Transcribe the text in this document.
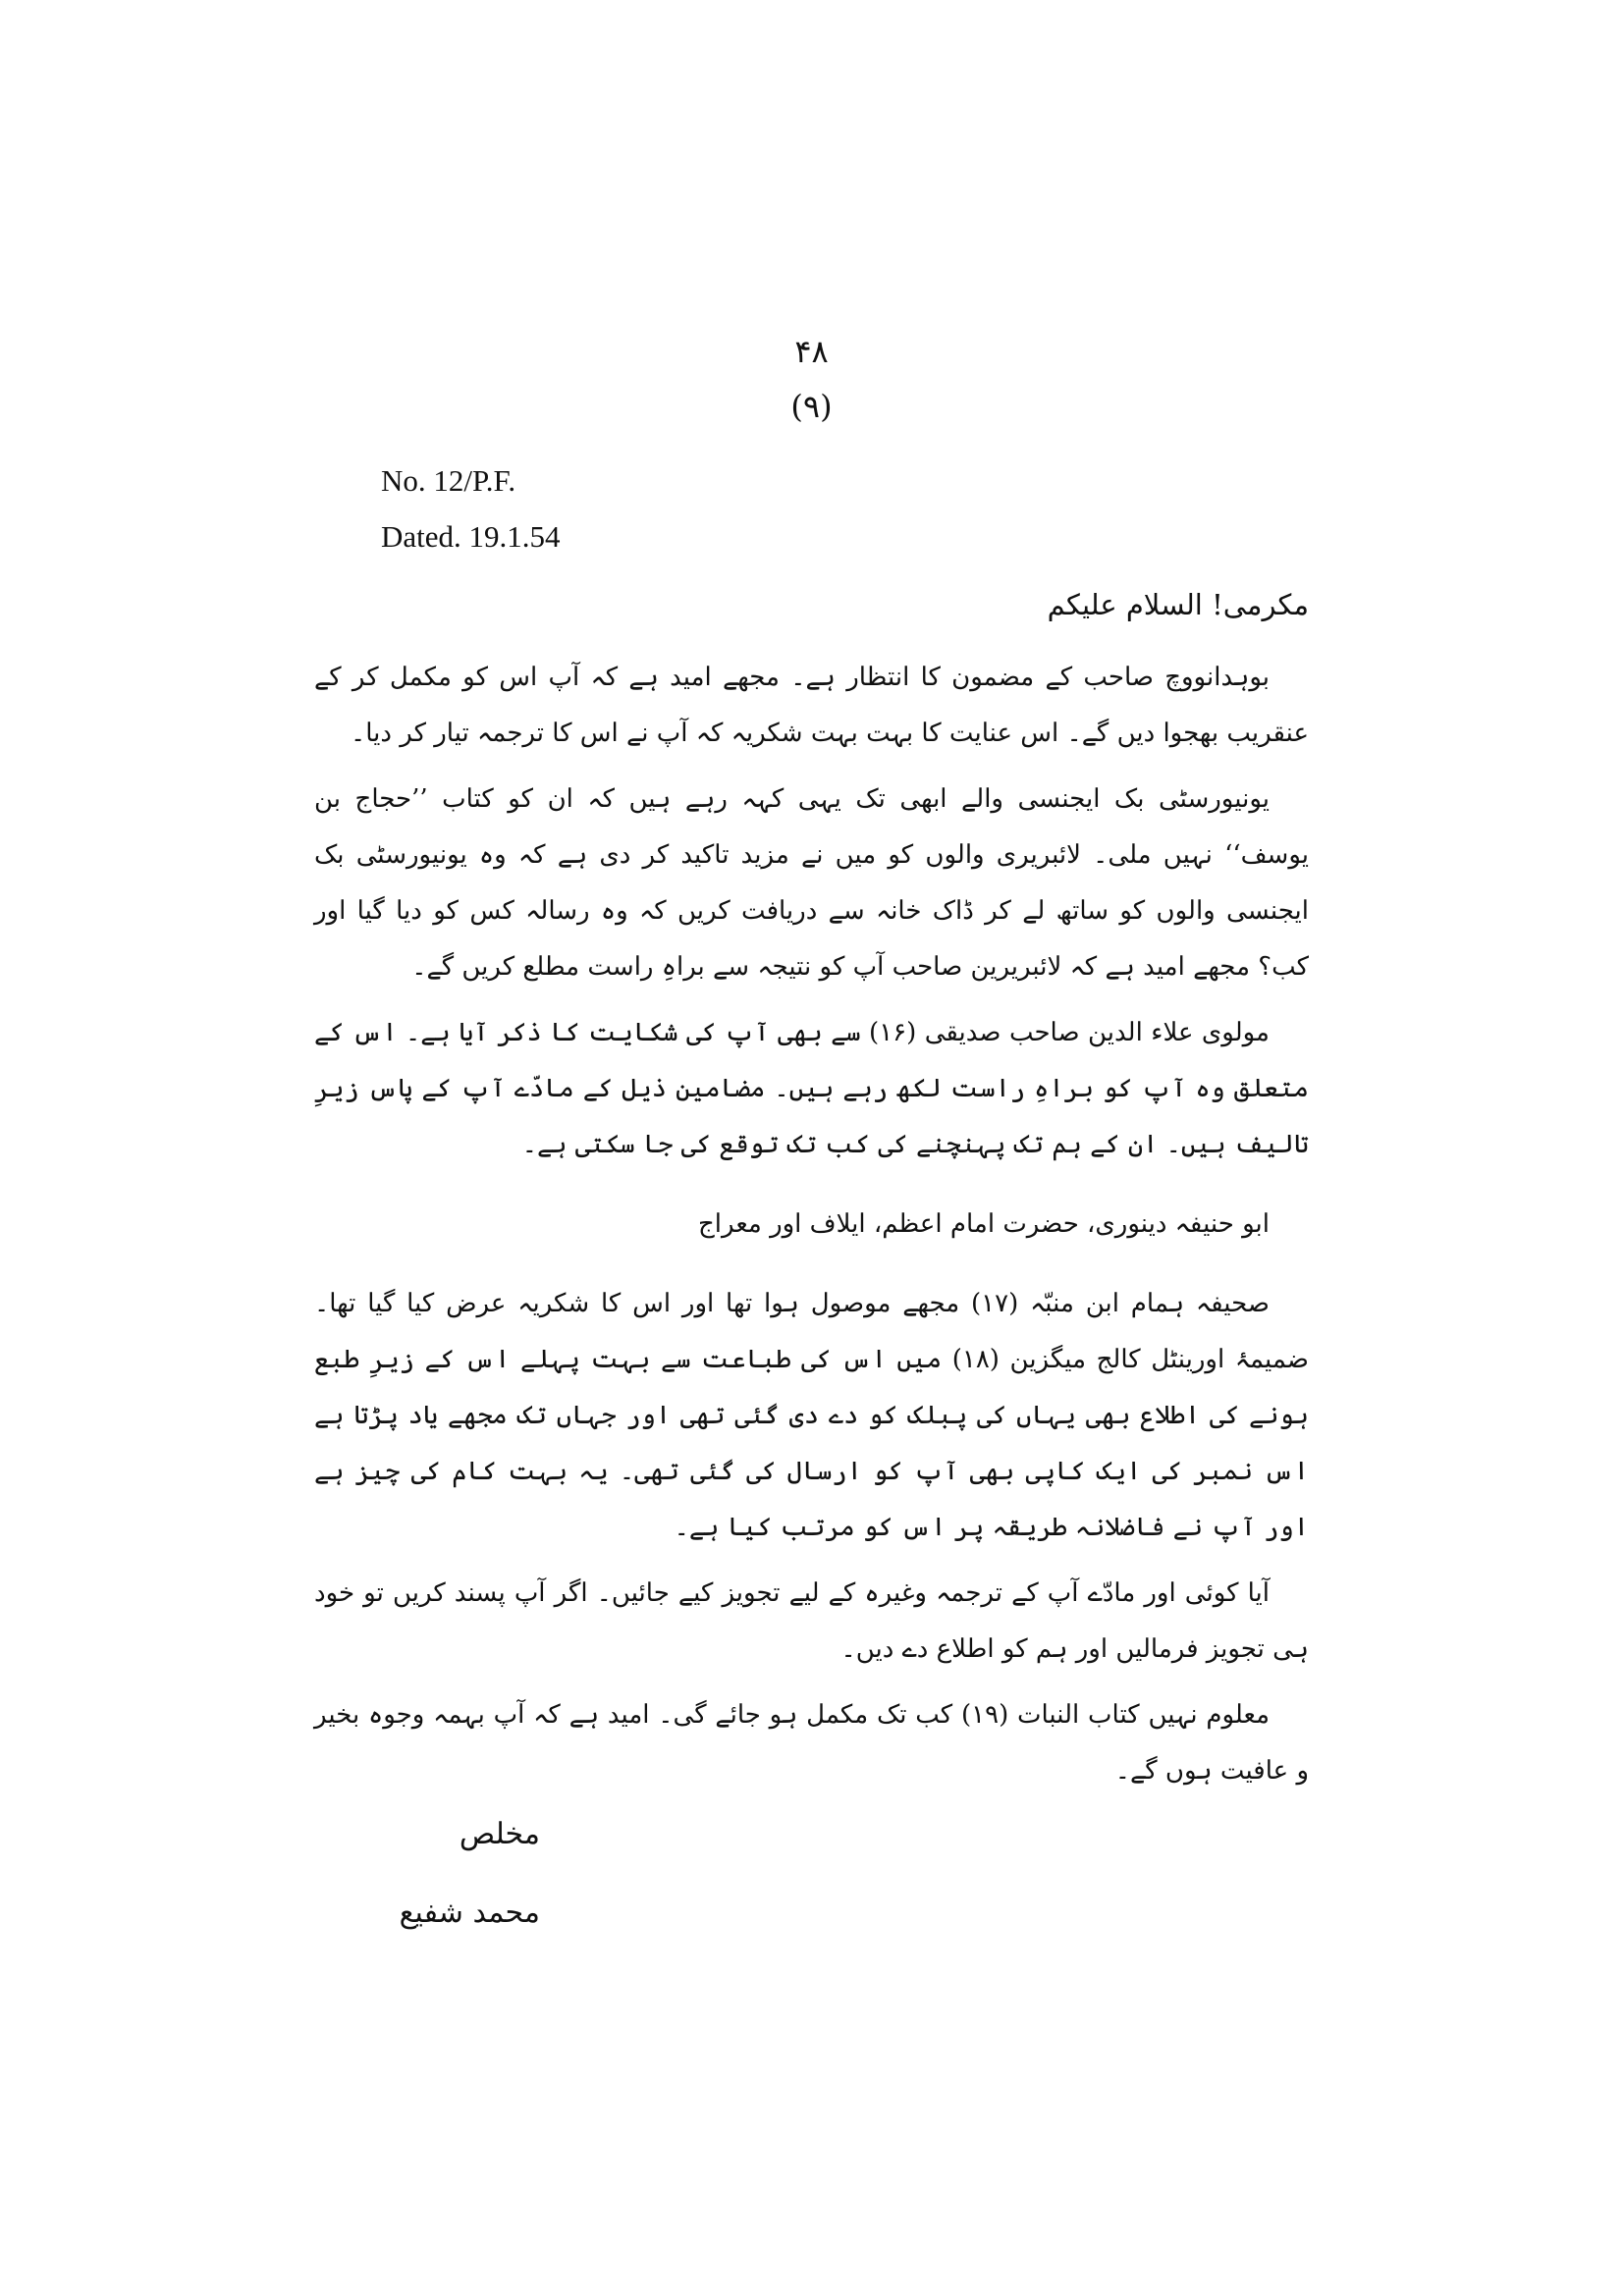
۴۸
(۹)
No. 12/P.F.
Dated. 19.1.54
مکرمی! السلام علیکم

بوہدانووچ صاحب کے مضمون کا انتظار ہے۔ مجھے امید ہے کہ آپ اس کو مکمل کر کے عنقریب بھجوا دیں گے۔ اس عنایت کا بہت بہت شکریہ کہ آپ نے اس کا ترجمہ تیار کر دیا۔

یونیورسٹی بک ایجنسی والے ابھی تک یہی کہہ رہے ہیں کہ ان کو کتاب ’’حجاج بن یوسف‘‘ نہیں ملی۔ لائبریری والوں کو میں نے مزید تاکید کر دی ہے کہ وہ یونیورسٹی بک ایجنسی والوں کو ساتھ لے کر ڈاک خانہ سے دریافت کریں کہ وہ رسالہ کس کو دیا گیا اور کب؟ مجھے امید ہے کہ لائبریرین صاحب آپ کو نتیجہ سے براہِ راست مطلع کریں گے۔

مولوی علاء الدین صاحب صدیقی (۱۶) سے بھی آپ کی شکایت کا ذکر آیا ہے۔ اس کے متعلق وہ آپ کو براہِ راست لکھ رہے ہیں۔ مضامین ذیل کے مادّے آپ کے پاس زیرِ تالیف ہیں۔ ان کے ہم تک پہنچنے کی کب تک توقع کی جا سکتی ہے۔

ابو حنیفہ دینوری، حضرت امام اعظم، ایلاف اور معراج

صحیفہ ہمام ابن منبّہ (۱۷) مجھے موصول ہوا تھا اور اس کا شکریہ عرض کیا گیا تھا۔ ضمیمۂ اورینٹل کالج میگزین (۱۸) میں اس کی طباعت سے بہت پہلے اس کے زیرِ طبع ہونے کی اطلاع بھی یہاں کی پبلک کو دے دی گئی تھی اور جہاں تک مجھے یاد پڑتا ہے اس نمبر کی ایک کاپی بھی آپ کو ارسال کی گئی تھی۔ یہ بہت کام کی چیز ہے اور آپ نے فاضلانہ طریقہ پر اس کو مرتب کیا ہے۔

آیا کوئی اور مادّے آپ کے ترجمہ وغیرہ کے لیے تجویز کیے جائیں۔ اگر آپ پسند کریں تو خود ہی تجویز فرمالیں اور ہم کو اطلاع دے دیں۔

معلوم نہیں کتاب النبات (۱۹) کب تک مکمل ہو جائے گی۔ امید ہے کہ آپ بہمہ وجوہ بخیر و عافیت ہوں گے۔

مخلص
محمد شفیع
